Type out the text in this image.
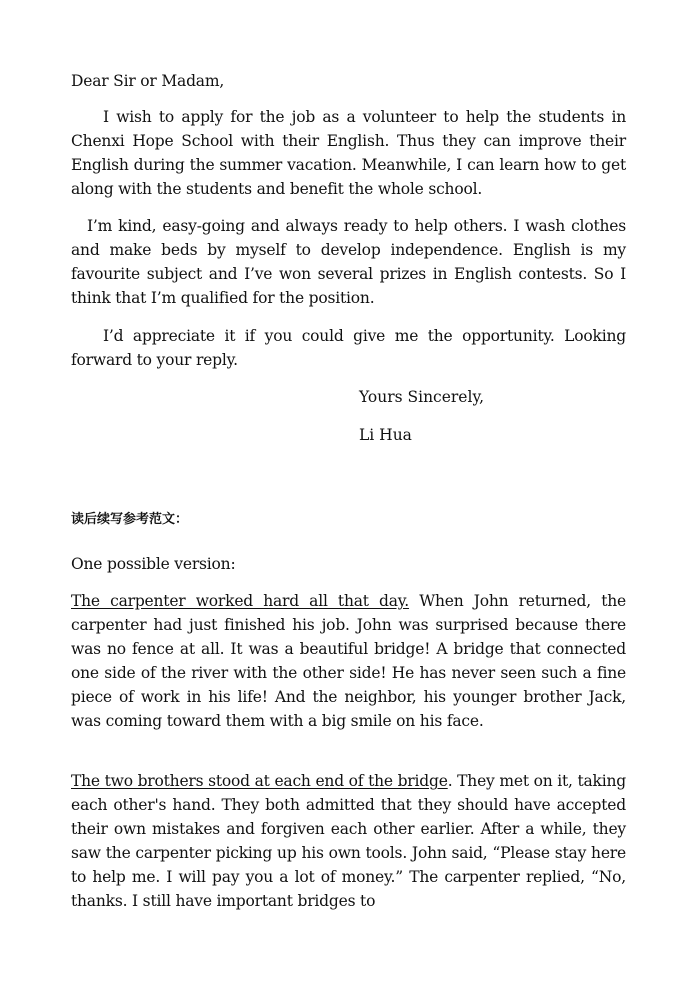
Dear Sir or Madam,
I wish to apply for the job as a volunteer to help the students in Chenxi Hope School with their English. Thus they can improve their English during the summer vacation. Meanwhile, I can learn how to get along with the students and benefit the whole school.
I’m kind, easy-going and always ready to help others. I wash clothes and make beds by myself to develop independence. English is my favourite subject and I’ve won several prizes in English contests. So I think that I’m qualified for the position.
I’d appreciate it if you could give me the opportunity. Looking forward to your reply.
Yours Sincerely,
Li Hua
读后续写参考范文：
One possible version:
The carpenter worked hard all that day. When John returned, the carpenter had just finished his job. John was surprised because there was no fence at all. It was a beautiful bridge! A bridge that connected one side of the river with the other side! He has never seen such a fine piece of work in his life! And the neighbor, his younger brother Jack, was coming toward them with a big smile on his face.
The two brothers stood at each end of the bridge. They met on it, taking each other's hand. They both admitted that they should have accepted their own mistakes and forgiven each other earlier. After a while, they saw the carpenter picking up his own tools. John said, “Please stay here to help me. I will pay you a lot of money.” The carpenter replied, “No, thanks. I still have important bridges to
